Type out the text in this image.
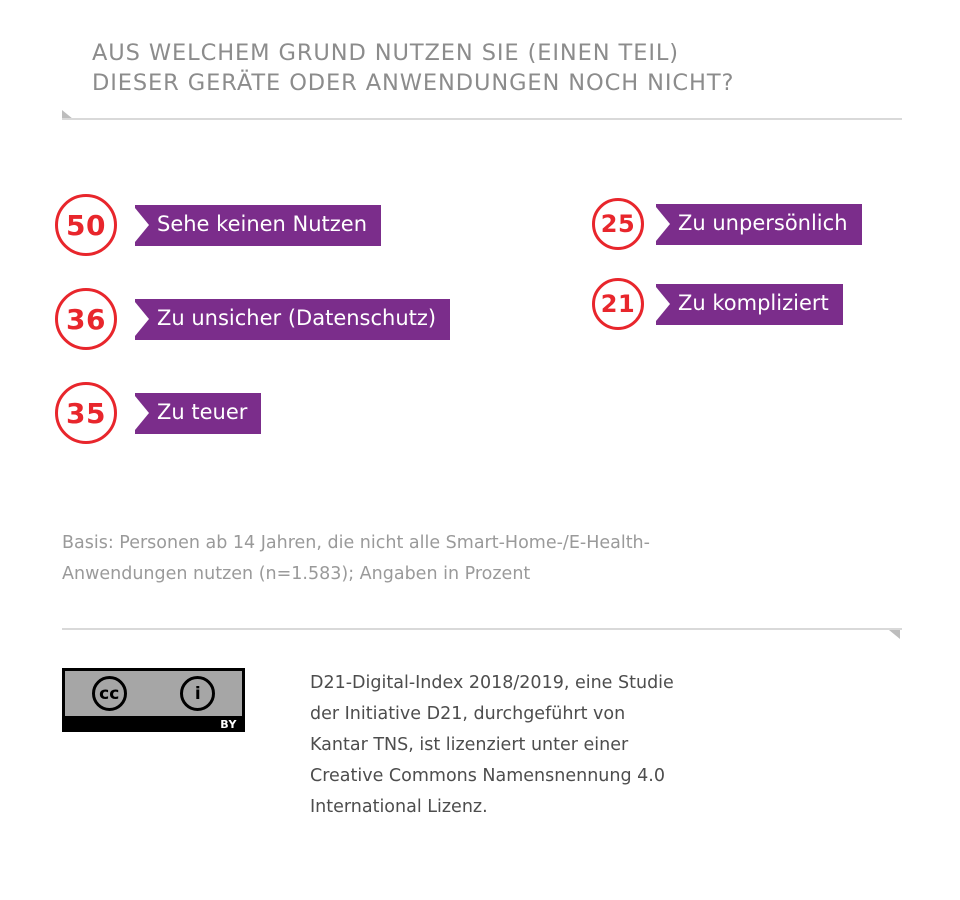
AUS WELCHEM GRUND NUTZEN SIE (EINEN TEIL)
DIESER GERÄTE ODER ANWENDUNGEN NOCH NICHT?
50	Sehe keinen Nutzen
36	Zu unsicher (Datenschutz)
35	Zu teuer
25	Zu unpersönlich
21	Zu kompliziert
Basis: Personen ab 14 Jahren, die nicht alle Smart-Home-/E-Health-
Anwendungen nutzen (n=1.583); Angaben in Prozent
cc	i
BY
D21-Digital-Index 2018/2019, eine Studie
der Initiative D21, durchgeführt von
Kantar TNS, ist lizenziert unter einer
Creative Commons Namensnennung 4.0
International Lizenz.
